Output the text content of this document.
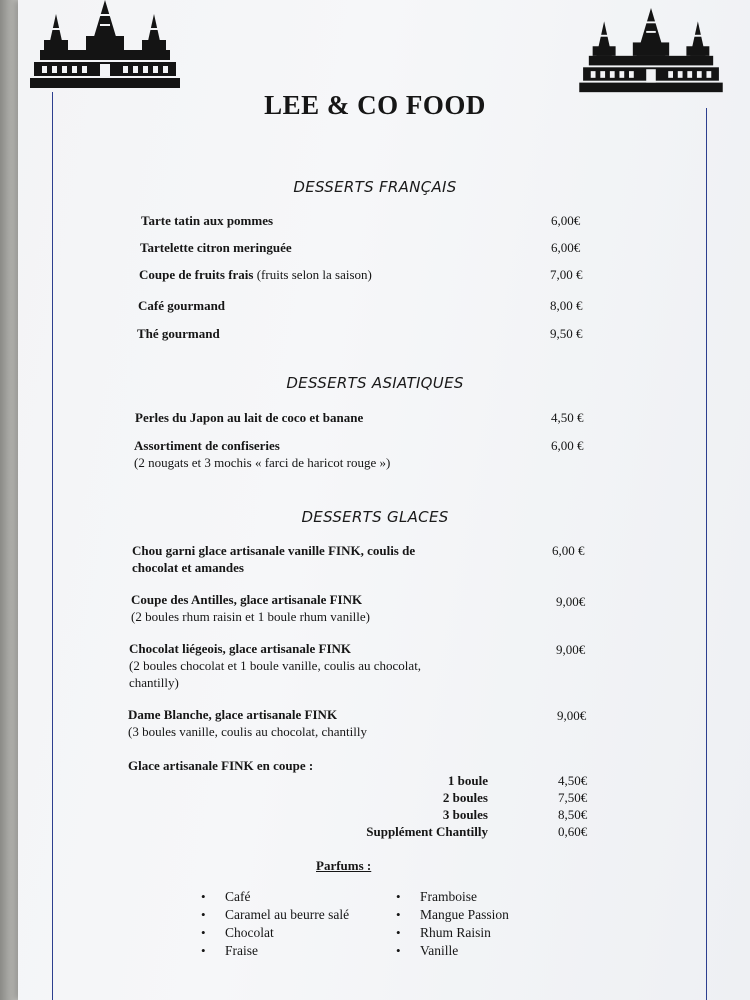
LEE & CO FOOD
DESSERTS FRANÇAIS
Tarte tatin aux pommes	6,00€
Tartelette citron meringuée	6,00€
Coupe de fruits frais (fruits selon la saison)	7,00 €
Café gourmand	8,00 €
Thé gourmand	9,50 €
DESSERTS ASIATIQUES
Perles du Japon au lait de coco et banane	4,50 €
Assortiment de confiseries
(2 nougats et 3 mochis « farci de haricot rouge »)
6,00 €
DESSERTS GLACES
Chou garni glace artisanale vanille FINK, coulis de chocolat et amandes
6,00 €
Coupe des Antilles, glace artisanale FINK
(2 boules rhum raisin et 1 boule rhum vanille)
9,00€
Chocolat liégeois, glace artisanale FINK
(2 boules chocolat et 1 boule vanille, coulis au chocolat, chantilly)
9,00€
Dame Blanche, glace artisanale FINK
(3 boules vanille, coulis au chocolat, chantilly
9,00€
Glace artisanale FINK en coupe :
1 boule	4,50€
2 boules	7,50€
3 boules	8,50€
Supplément Chantilly	0,60€
Parfums :
• Café
• Caramel au beurre salé
• Chocolat
• Fraise
• Framboise
• Mangue Passion
• Rhum Raisin
• Vanille
